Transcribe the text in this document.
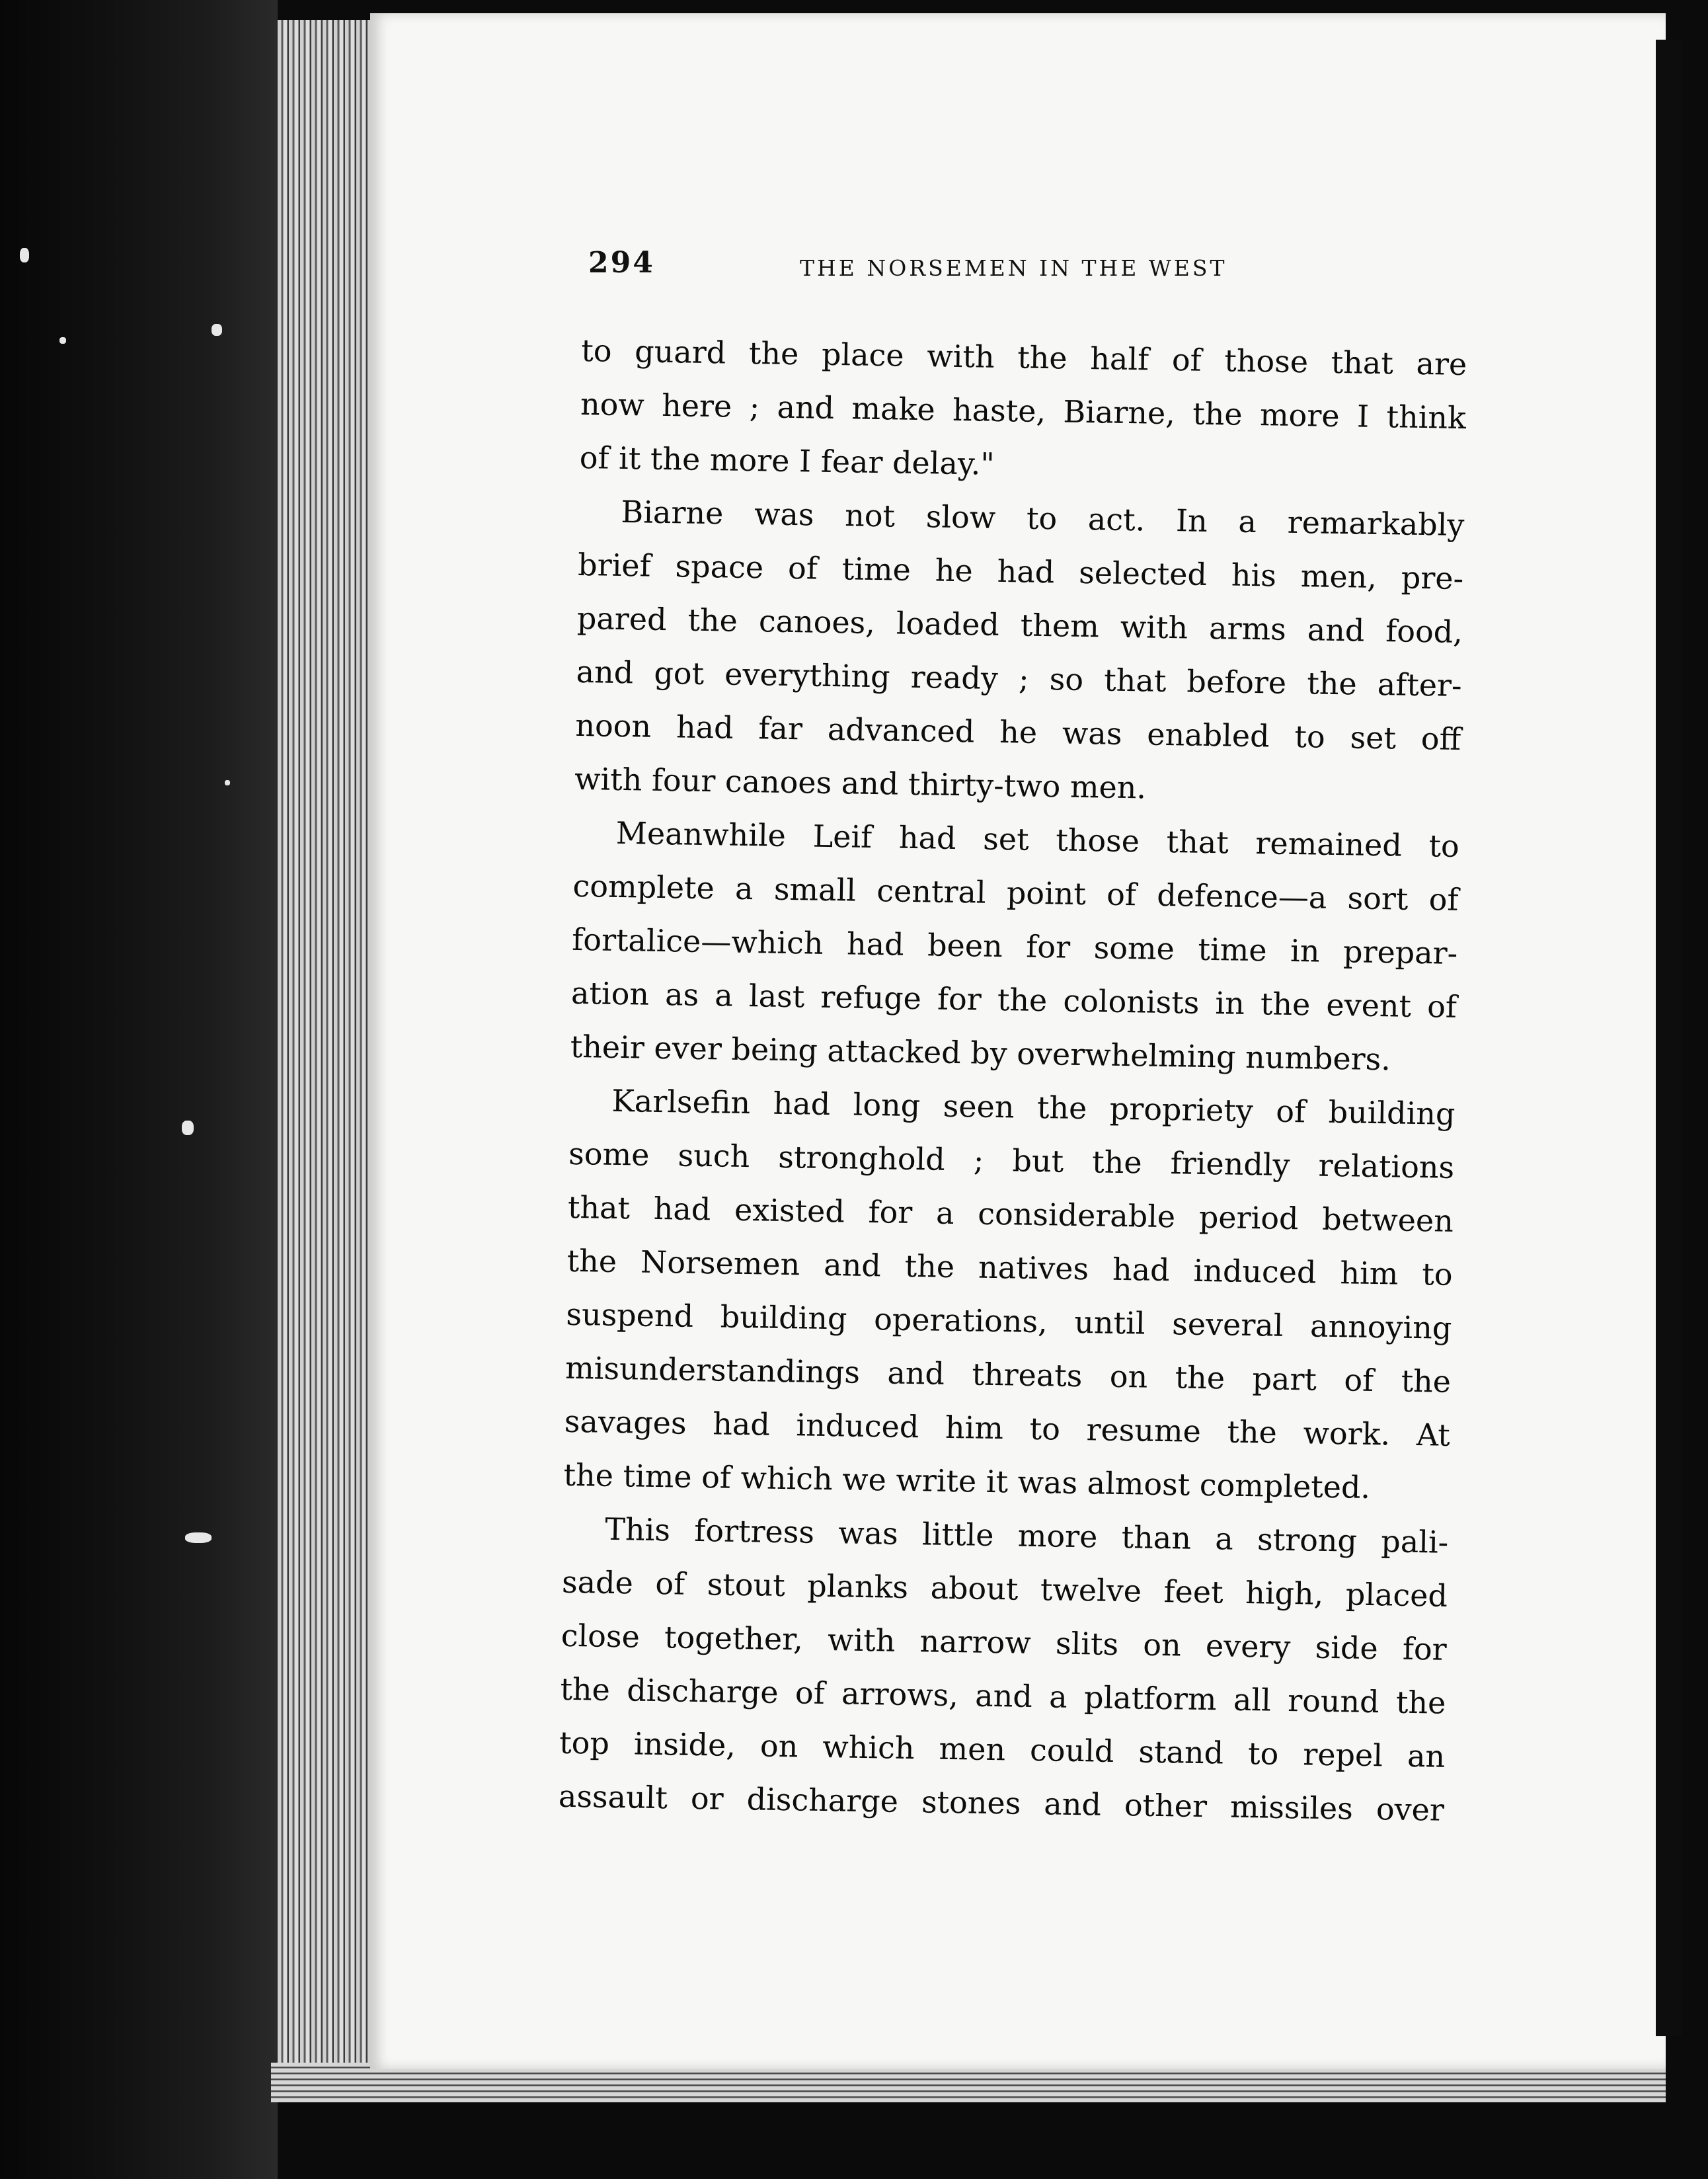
294	THE NORSEMEN IN THE WEST
to guard the place with the half of those that are
now here ; and make haste, Biarne, the more I think
of it the more I fear delay."
Biarne was not slow to act. In a remarkably
brief space of time he had selected his men, pre-
pared the canoes, loaded them with arms and food,
and got everything ready ; so that before the after-
noon had far advanced he was enabled to set off
with four canoes and thirty-two men.
Meanwhile Leif had set those that remained to
complete a small central point of defence—a sort of
fortalice—which had been for some time in prepar-
ation as a last refuge for the colonists in the event of
their ever being attacked by overwhelming numbers.
Karlsefin had long seen the propriety of building
some such stronghold ; but the friendly relations
that had existed for a considerable period between
the Norsemen and the natives had induced him to
suspend building operations, until several annoying
misunderstandings and threats on the part of the
savages had induced him to resume the work. At
the time of which we write it was almost completed.
This fortress was little more than a strong pali-
sade of stout planks about twelve feet high, placed
close together, with narrow slits on every side for
the discharge of arrows, and a platform all round the
top inside, on which men could stand to repel an
assault or discharge stones and other missiles over
